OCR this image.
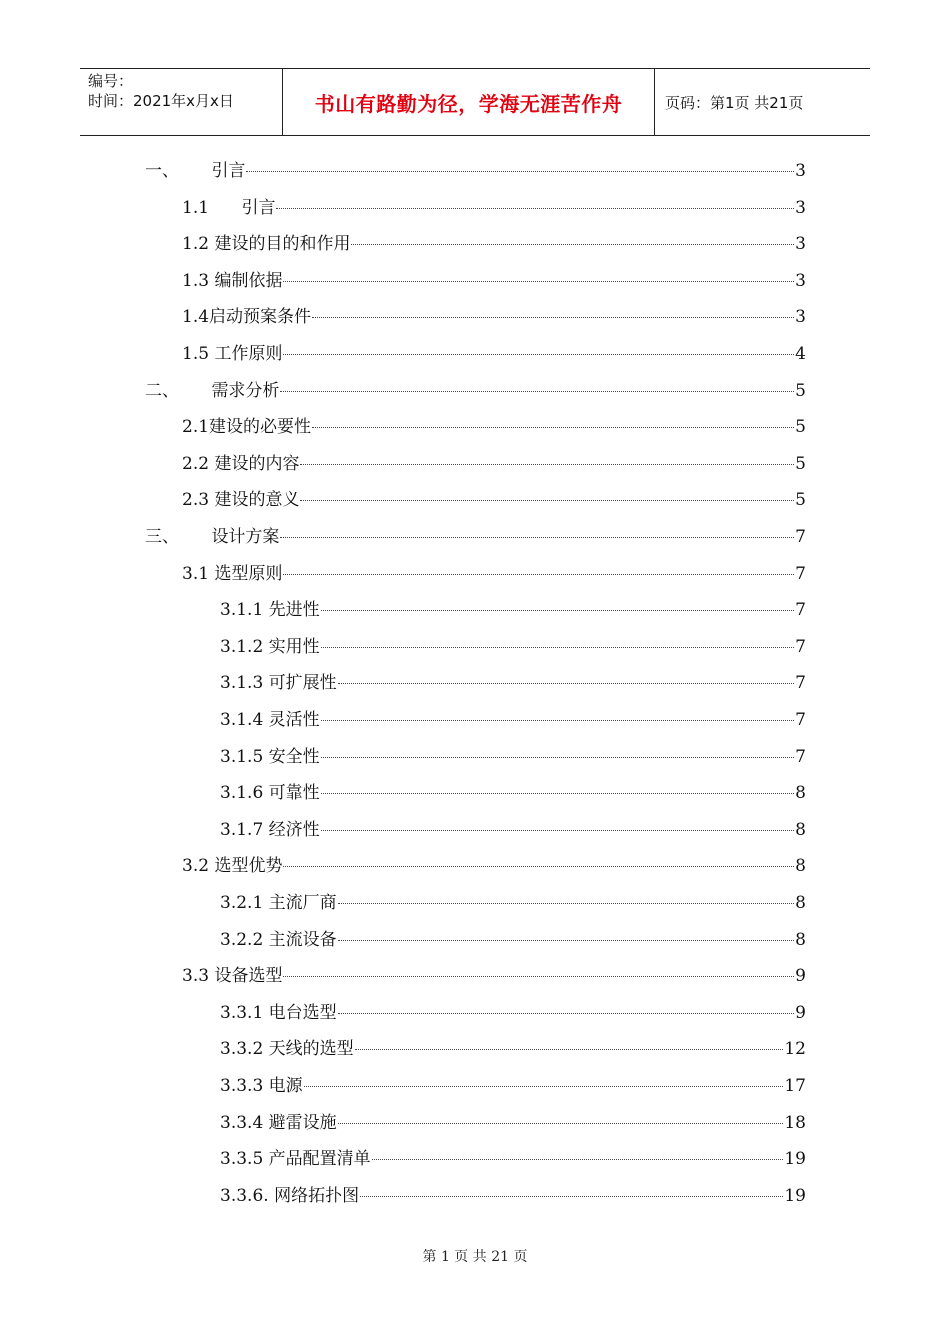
编号：
时间：2021年x月x日	书山有路勤为径，学海无涯苦作舟	页码：第1页 共21页
一、 引言	3
1.1 引言	3
1.2 建设的目的和作用	3
1.3 编制依据	3
1.4 启动预案条件	3
1.5 工作原则	4
二、 需求分析	5
2.1 建设的必要性	5
2.2 建设的内容	5
2.3 建设的意义	5
三、 设计方案	7
3.1 选型原则	7
3.1.1 先进性	7
3.1.2 实用性	7
3.1.3 可扩展性	7
3.1.4 灵活性	7
3.1.5 安全性	7
3.1.6 可靠性	8
3.1.7 经济性	8
3.2 选型优势	8
3.2.1 主流厂商	8
3.2.2 主流设备	8
3.3 设备选型	9
3.3.1 电台选型	9
3.3.2 天线的选型	12
3.3.3 电源	17
3.3.4 避雷设施	18
3.3.5 产品配置清单	19
3.3.6. 网络拓扑图	19
第 1 页 共 21 页
